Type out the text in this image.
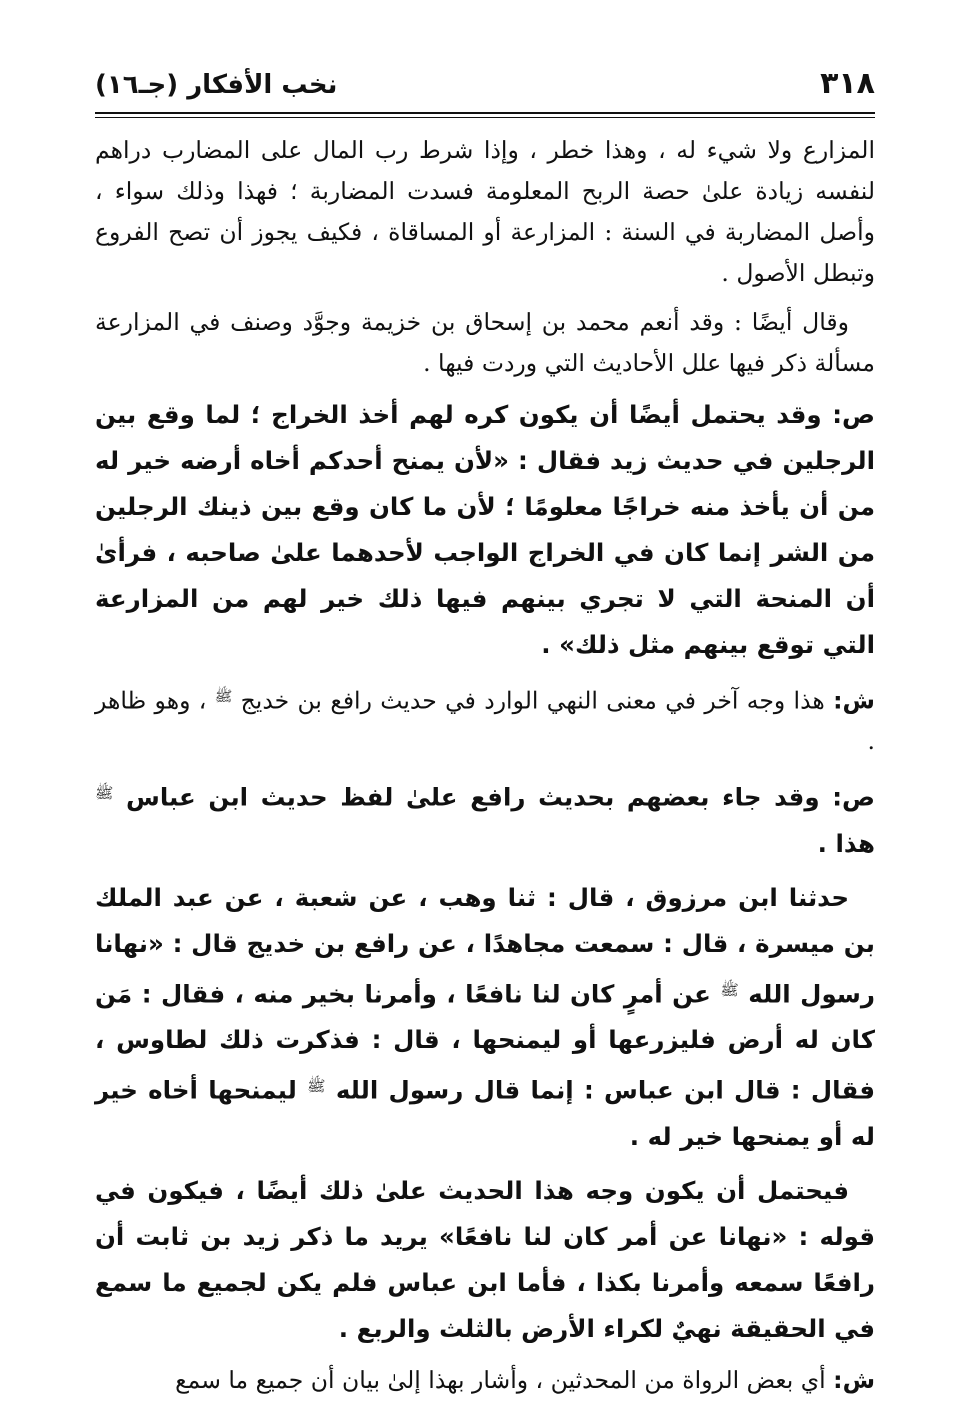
٣١٨
نخب الأفكار (جـ١٦)

المزارع ولا شيء له ، وهذا خطر ، وإذا شرط رب المال على المضارب دراهم لنفسه زيادة علىٰ حصة الربح المعلومة فسدت المضاربة ؛ فهذا وذلك سواء ، وأصل المضاربة في السنة : المزارعة أو المساقاة ، فكيف يجوز أن تصح الفروع وتبطل الأصول .

وقال أيضًا : وقد أنعم محمد بن إسحاق بن خزيمة وجوَّد وصنف في المزارعة مسألة ذكر فيها علل الأحاديث التي وردت فيها .

ص: وقد يحتمل أيضًا أن يكون كره لهم أخذ الخراج ؛ لما وقع بين الرجلين في حديث زيد فقال : «لأن يمنح أحدكم أخاه أرضه خير له من أن يأخذ منه خراجًا معلومًا ؛ لأن ما كان وقع بين ذينك الرجلين من الشر إنما كان في الخراج الواجب لأحدهما علىٰ صاحبه ، فرأىٰ أن المنحة التي لا تجري بينهم فيها ذلك خير لهم من المزارعة التي توقع بينهم مثل ذلك» .

ش: هذا وجه آخر في معنى النهي الوارد في حديث رافع بن خديج $^ﷺ$ ، وهو ظاهر .

ص: وقد جاء بعضهم بحديث رافع علىٰ لفظ حديث ابن عباس $^ﷺ$ هذا .

حدثنا ابن مرزوق ، قال : ثنا وهب ، عن شعبة ، عن عبد الملك بن ميسرة ، قال : سمعت مجاهدًا ، عن رافع بن خديج قال : «نهانا رسول الله $^ﷺ$ عن أمرٍ كان لنا نافعًا ، وأمرنا بخير منه ، فقال : مَن كان له أرض فليزرعها أو ليمنحها ، قال : فذكرت ذلك لطاوس ، فقال : قال ابن عباس : إنما قال رسول الله $^ﷺ$ ليمنحها أخاه خير له أو يمنحها خير له .

فيحتمل أن يكون وجه هذا الحديث علىٰ ذلك أيضًا ، فيكون في قوله : «نهانا عن أمر كان لنا نافعًا» يريد ما ذكر زيد بن ثابت أن رافعًا سمعه وأمرنا بكذا ، فأما ابن عباس فلم يكن لجميع ما سمع في الحقيقة نهيٌ لكراء الأرض بالثلث والربع .

ش: أي بعض الرواة من المحدثين ، وأشار بهذا إلىٰ بيان أن جميع ما سمع
